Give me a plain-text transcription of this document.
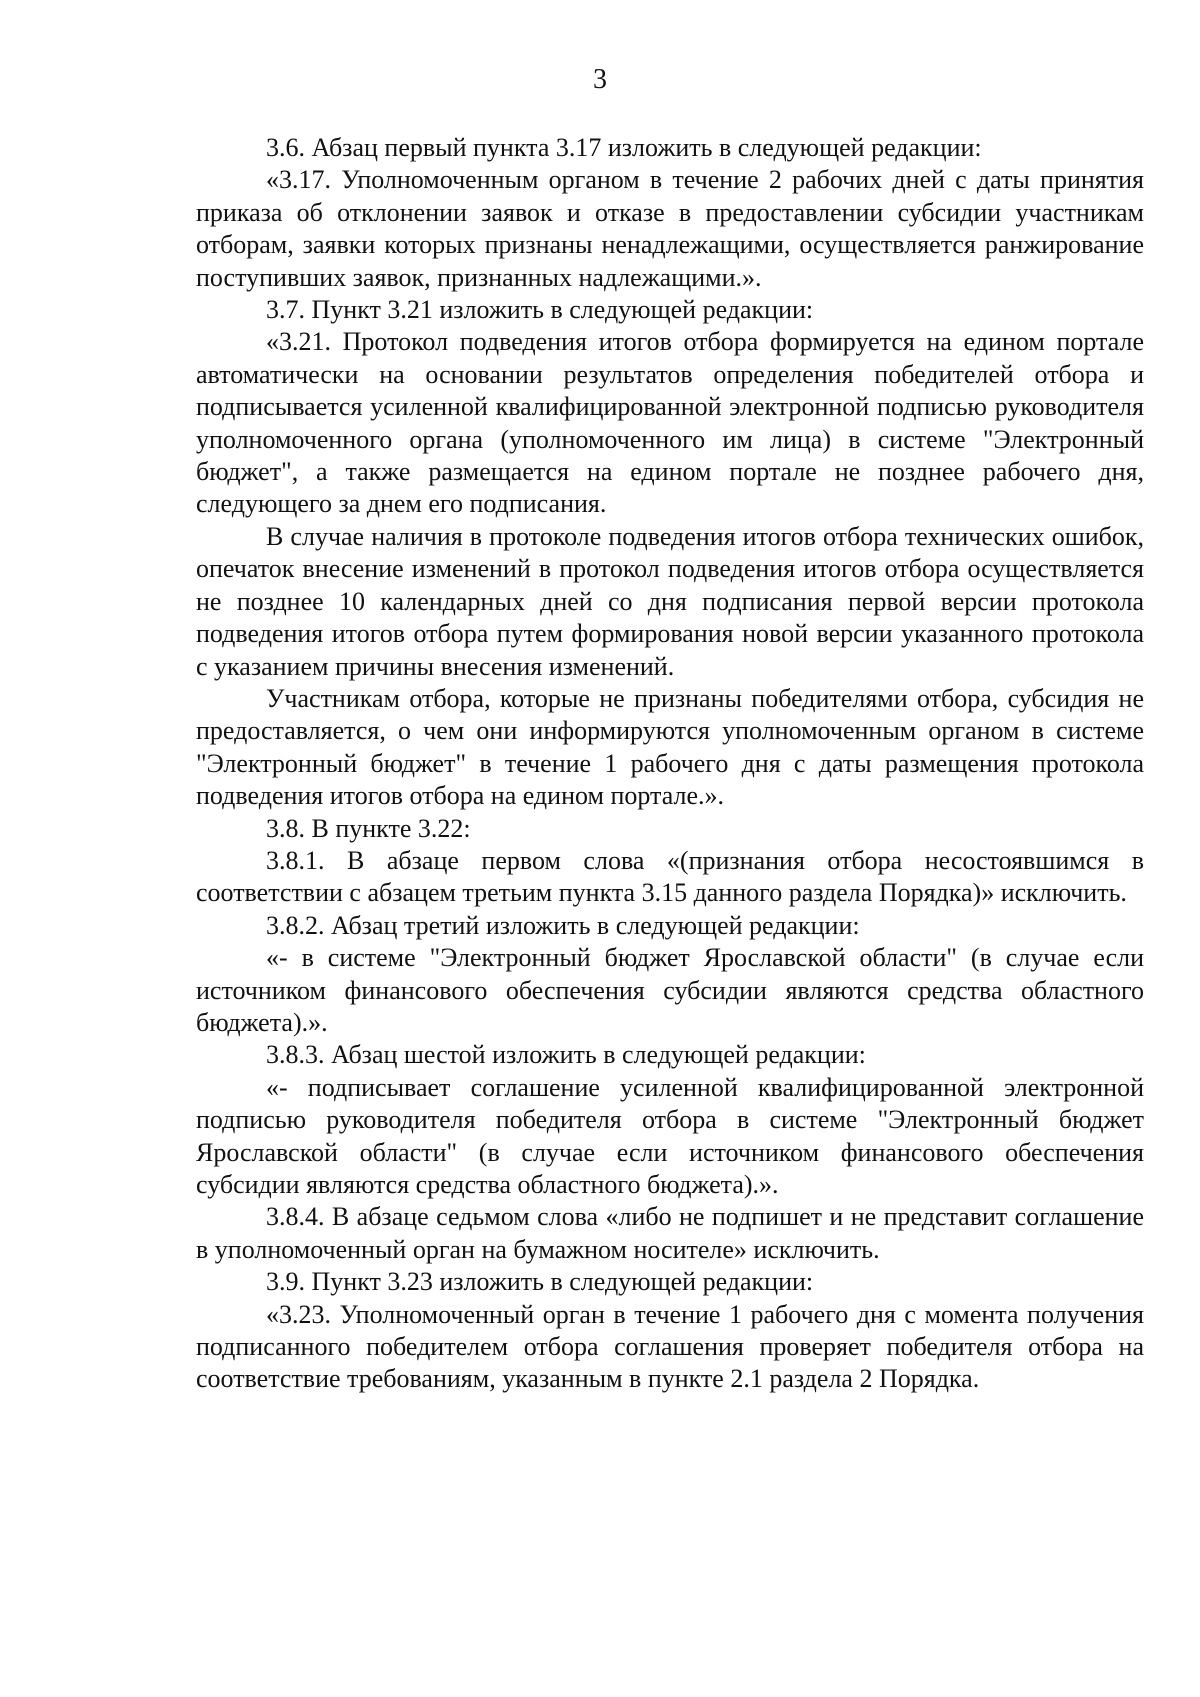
3

3.6. Абзац первый пункта 3.17 изложить в следующей редакции:

«3.17. Уполномоченным органом в течение 2 рабочих дней с даты принятия приказа об отклонении заявок и отказе в предоставлении субсидии участникам отборам, заявки которых признаны ненадлежащими, осуществляется ранжирование поступивших заявок, признанных надлежащими.».

3.7. Пункт 3.21 изложить в следующей редакции:

«3.21. Протокол подведения итогов отбора формируется на едином портале автоматически на основании результатов определения победителей отбора и подписывается усиленной квалифицированной электронной подписью руководителя уполномоченного органа (уполномоченного им лица) в системе "Электронный бюджет", а также размещается на едином портале не позднее рабочего дня, следующего за днем его подписания.

В случае наличия в протоколе подведения итогов отбора технических ошибок, опечаток внесение изменений в протокол подведения итогов отбора осуществляется не позднее 10 календарных дней со дня подписания первой версии протокола подведения итогов отбора путем формирования новой версии указанного протокола с указанием причины внесения изменений.

Участникам отбора, которые не признаны победителями отбора, субсидия не предоставляется, о чем они информируются уполномоченным органом в системе "Электронный бюджет" в течение 1 рабочего дня с даты размещения протокола подведения итогов отбора на едином портале.».

3.8. В пункте 3.22:

3.8.1. В абзаце первом слова «(признания отбора несостоявшимся в соответствии с абзацем третьим пункта 3.15 данного раздела Порядка)» исключить.

3.8.2. Абзац третий изложить в следующей редакции:

«- в системе "Электронный бюджет Ярославской области" (в случае если источником финансового обеспечения субсидии являются средства областного бюджета).».

3.8.3. Абзац шестой изложить в следующей редакции:

«- подписывает соглашение усиленной квалифицированной электронной подписью руководителя победителя отбора в системе "Электронный бюджет Ярославской области" (в случае если источником финансового обеспечения субсидии являются средства областного бюджета).».

3.8.4. В абзаце седьмом слова «либо не подпишет и не представит соглашение в уполномоченный орган на бумажном носителе» исключить.

3.9. Пункт 3.23 изложить в следующей редакции:

«3.23. Уполномоченный орган в течение 1 рабочего дня с момента получения подписанного победителем отбора соглашения проверяет победителя отбора на соответствие требованиям, указанным в пункте 2.1 раздела 2 Порядка.
